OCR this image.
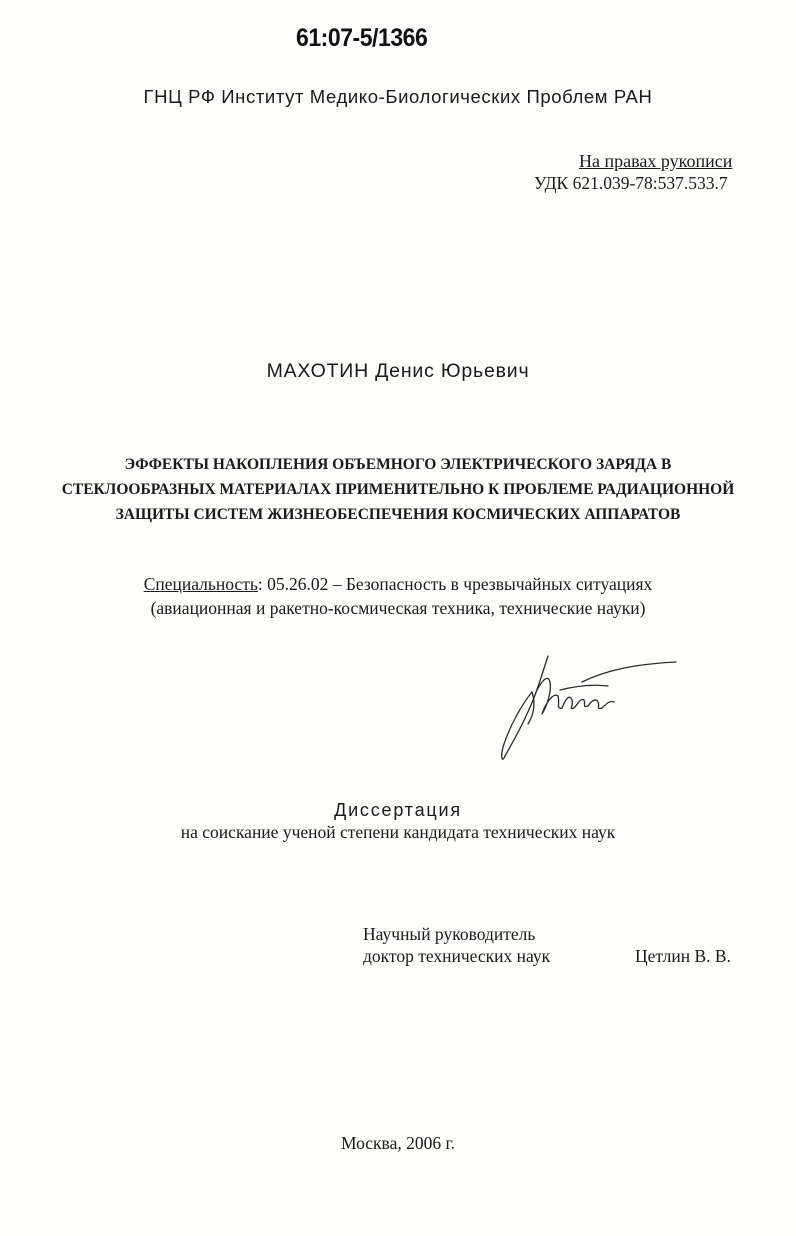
61:07-5/1366
ГНЦ РФ Институт Медико-Биологических Проблем РАН
На правах рукописи
УДК 621.039-78:537.533.7
МАХОТИН Денис Юрьевич
ЭФФЕКТЫ НАКОПЛЕНИЯ ОБЪЕМНОГО ЭЛЕКТРИЧЕСКОГО ЗАРЯДА В
СТЕКЛООБРАЗНЫХ МАТЕРИАЛАХ ПРИМЕНИТЕЛЬНО К ПРОБЛЕМЕ РАДИАЦИОННОЙ
ЗАЩИТЫ СИСТЕМ ЖИЗНЕОБЕСПЕЧЕНИЯ КОСМИЧЕСКИХ АППАРАТОВ
Специальность: 05.26.02 – Безопасность в чрезвычайных ситуациях
(авиационная и ракетно-космическая техника, технические науки)
Диссертация
на соискание ученой степени кандидата технических наук
Научный руководитель
доктор технических наук	Цетлин В. В.
Москва, 2006 г.
